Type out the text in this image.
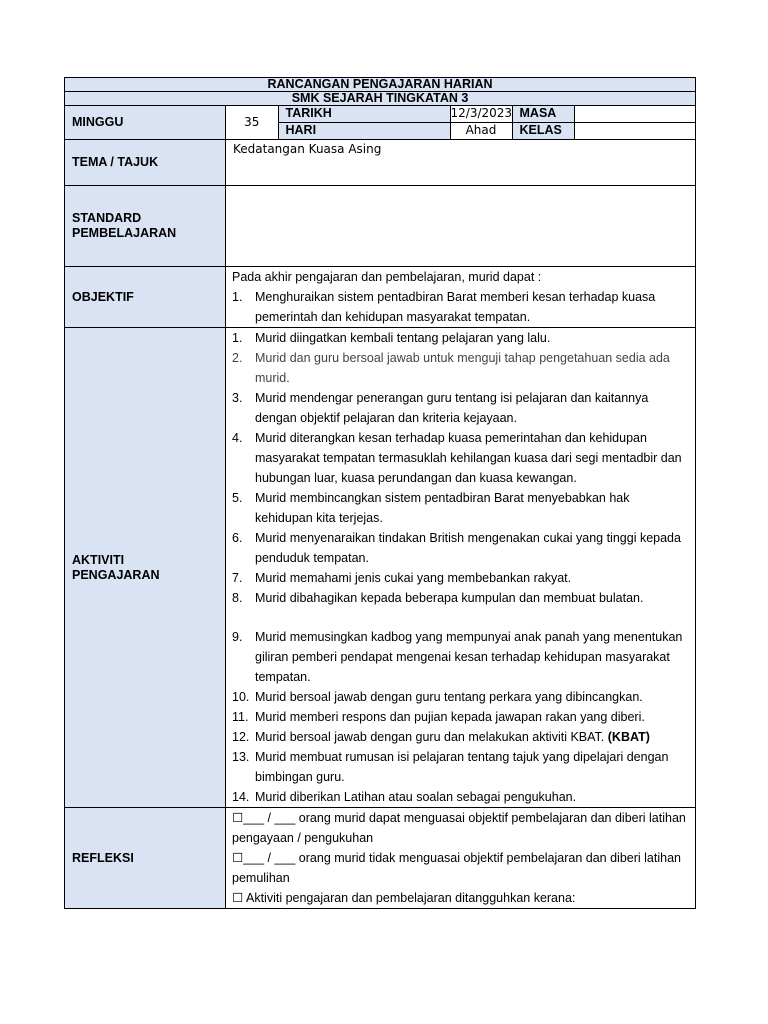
RANCANGAN PENGAJARAN HARIAN
SMK SEJARAH TINGKATAN 3
MINGGU		35	TARIKH	12/3/2023	MASA	
HARI	Ahad	KELAS	

TEMA / TAJUK	Kedatangan Kuasa Asing

STANDARD
PEMBELAJARAN

OBJEKTIF	

Pada akhir pengajaran dan pembelajaran, murid dapat :

1.	Menghuraikan sistem pentadbiran Barat memberi kesan terhadap kuasa pemerintah dan kehidupan masyarakat tempatan.

AKTIVITI
PENGAJARAN

1.	Murid diingatkan kembali tentang pelajaran yang lalu.
2.	Murid dan guru bersoal jawab untuk menguji tahap pengetahuan sedia ada murid.
3.	Murid mendengar penerangan guru tentang isi pelajaran dan kaitannya dengan objektif pelajaran dan kriteria kejayaan.
4.	Murid diterangkan kesan terhadap kuasa pemerintahan dan kehidupan masyarakat tempatan termasuklah kehilangan kuasa dari segi mentadbir dan hubungan luar, kuasa perundangan dan kuasa kewangan.
5.	Murid membincangkan sistem pentadbiran Barat menyebabkan hak kehidupan kita terjejas.
6.	Murid menyenaraikan tindakan British mengenakan cukai yang tinggi kepada penduduk tempatan.
7.	Murid memahami jenis cukai yang membebankan rakyat.
8.	Murid dibahagikan kepada beberapa kumpulan dan membuat bulatan.
9.	Murid memusingkan kadbog yang mempunyai anak panah yang menentukan giliran pemberi pendapat mengenai kesan terhadap kehidupan masyarakat tempatan.
10. Murid bersoal jawab dengan guru tentang perkara yang dibincangkan.
11. Murid memberi respons dan pujian kepada jawapan rakan yang diberi.
12. Murid bersoal jawab dengan guru dan melakukan aktiviti KBAT. (KBAT)
13. Murid membuat rumusan isi pelajaran tentang tajuk yang dipelajari dengan bimbingan guru.
14. Murid diberikan Latihan atau soalan sebagai pengukuhan.

REFLEKSI	

☐___ / ___ orang murid dapat menguasai objektif pembelajaran dan diberi latihan pengayaan / pengukuhan

☐___ / ___ orang murid tidak menguasai objektif pembelajaran dan diberi latihan pemulihan

☐ Aktiviti pengajaran dan pembelajaran ditangguhkan kerana:
